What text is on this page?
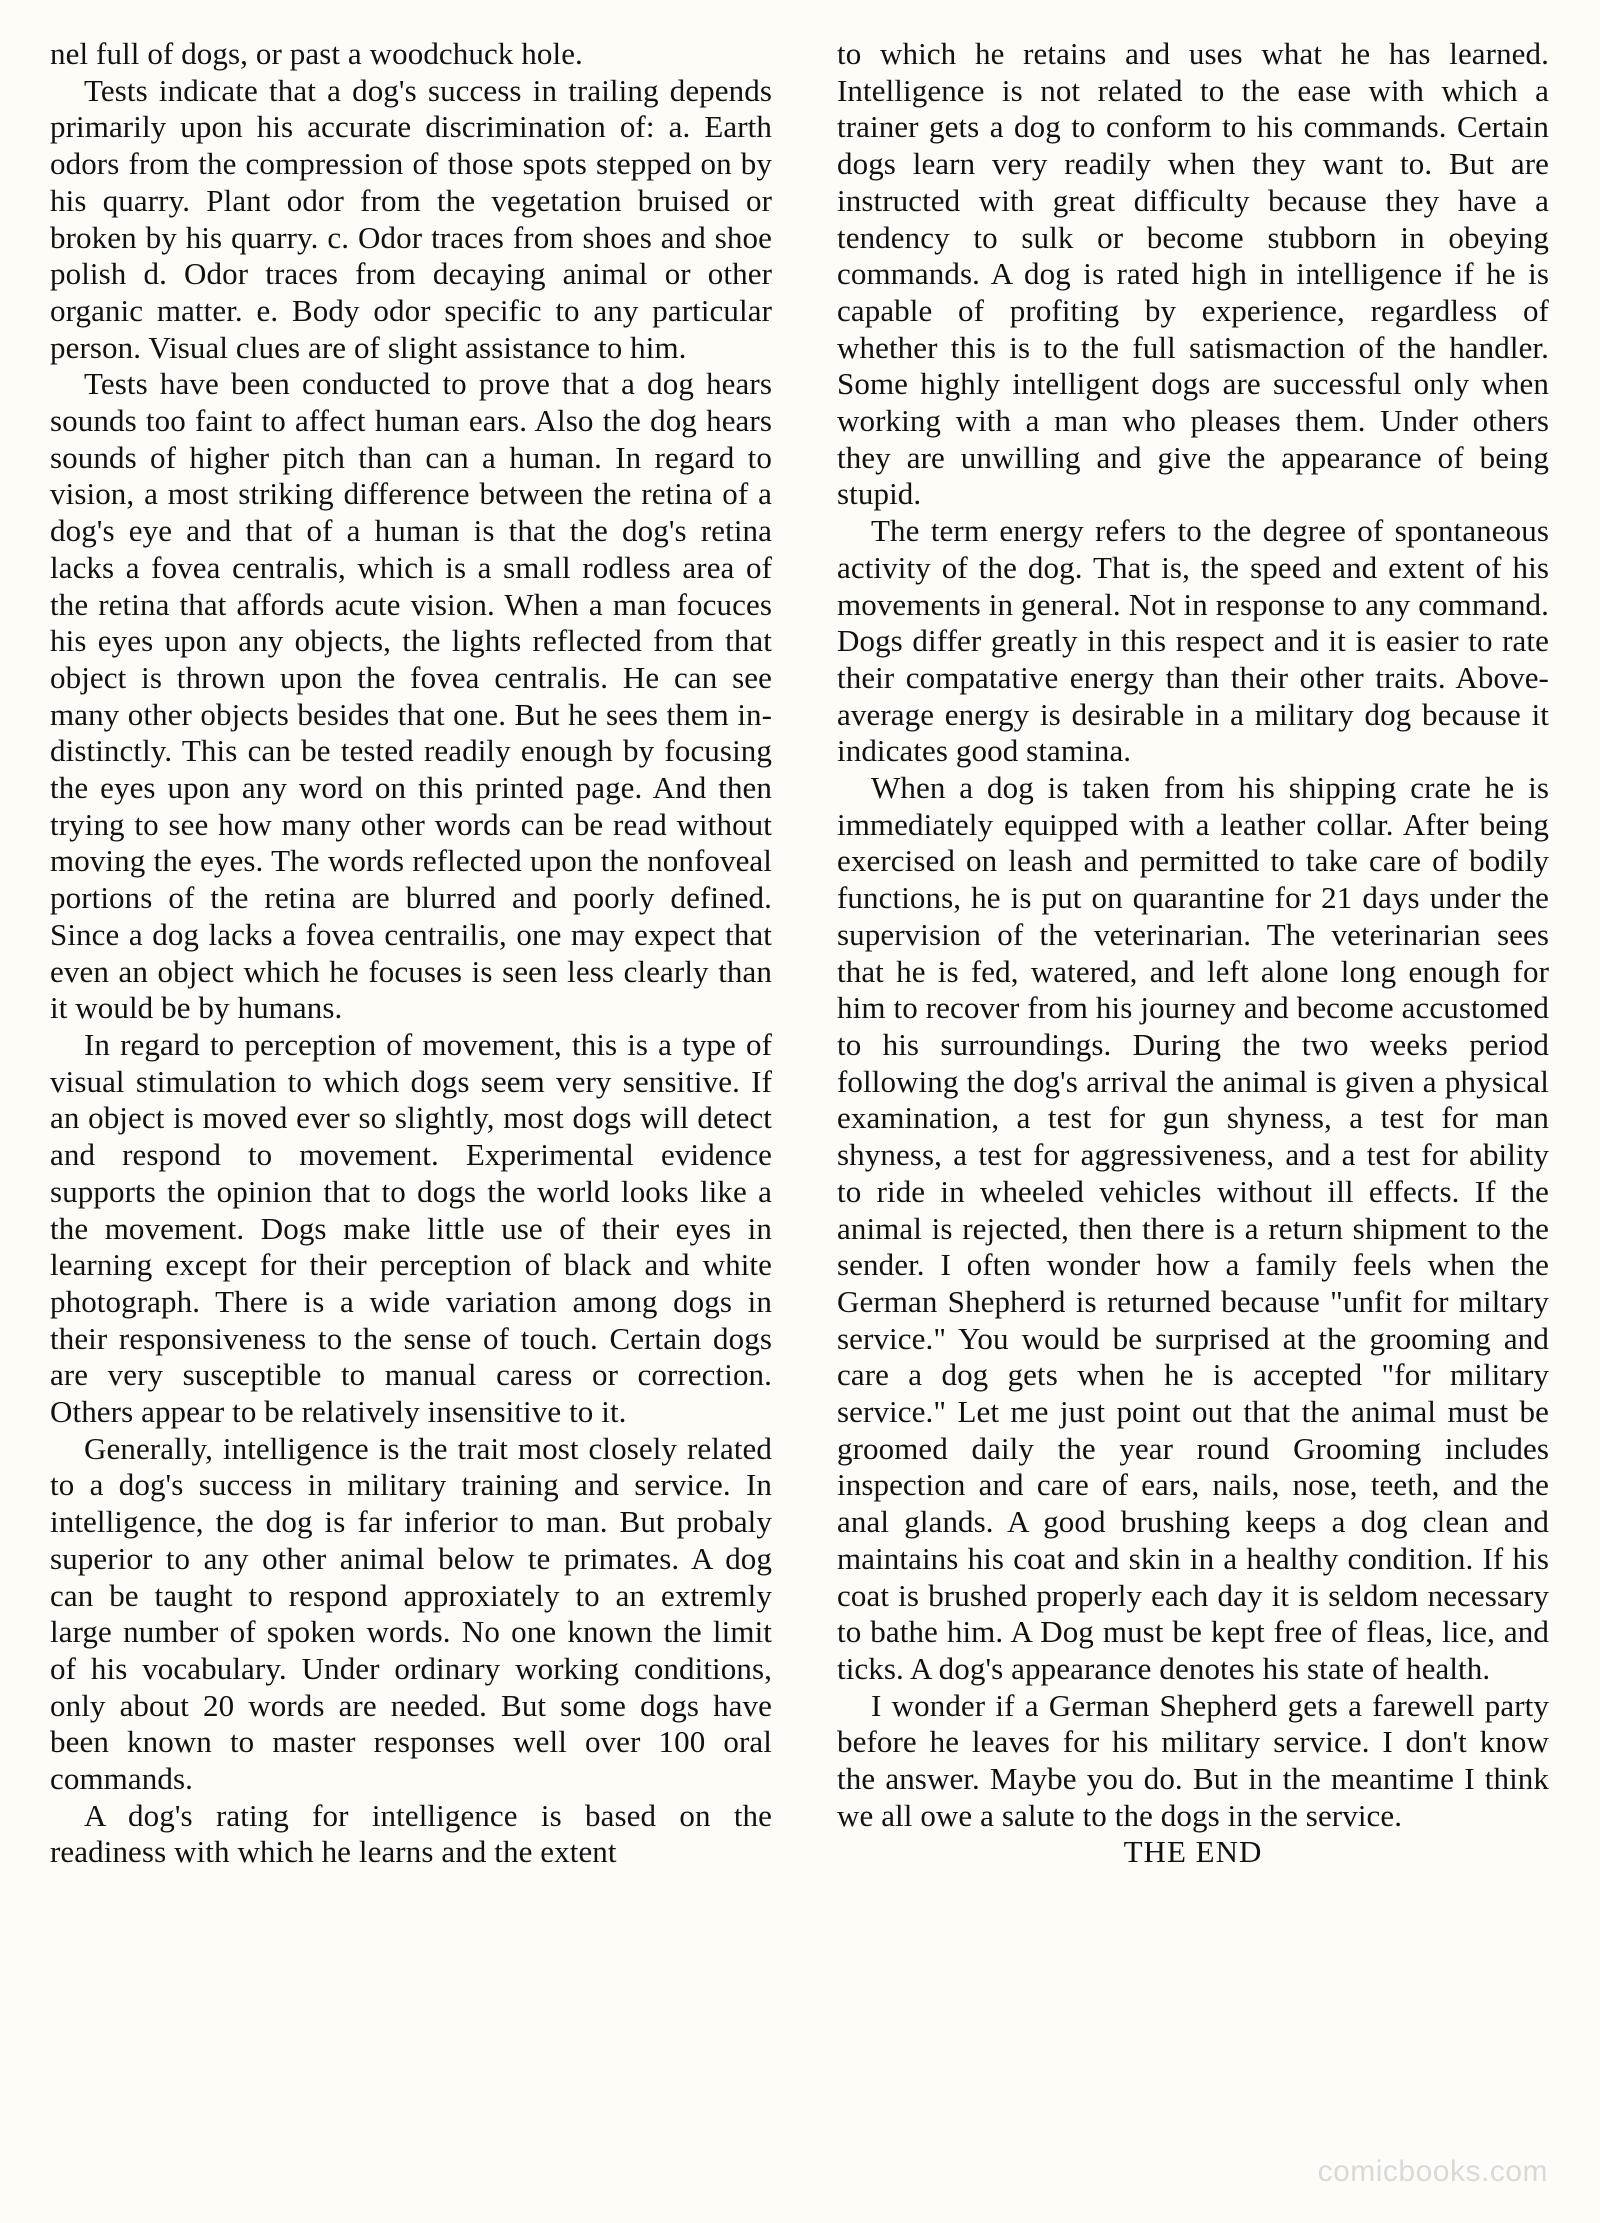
nel full of dogs, or past a woodchuck hole.

Tests indicate that a dog's success in trailing depends primarily upon his accurate discrimination of: a. Earth odors from the compression of those spots stepped on by his quarry. Plant odor from the vegetation bruised or broken by his quarry. c. Odor traces from shoes and shoe polish d. Odor traces from decaying animal or other organic matter. e. Body odor specific to any particular person. Visual clues are of slight assistance to him.

Tests have been conducted to prove that a dog hears sounds too faint to affect human ears. Also the dog hears sounds of higher pitch than can a human. In regard to vision, a most striking difference between the retina of a dog's eye and that of a human is that the dog's retina lacks a fovea centralis, which is a small rodless area of the retina that affords acute vision. When a man focuces his eyes upon any objects, the lights reflected from that object is thrown upon the fovea centralis. He can see many other objects besides that one. But he sees them indistinctly. This can be tested readily enough by focusing the eyes upon any word on this printed page. And then trying to see how many other words can be read without moving the eyes. The words reflected upon the nonfoveal portions of the retina are blurred and poorly defined. Since a dog lacks a fovea centrailis, one may expect that even an object which he focuses is seen less clearly than it would be by humans.

In regard to perception of movement, this is a type of visual stimulation to which dogs seem very sensitive. If an object is moved ever so slightly, most dogs will detect and respond to movement. Experimental evidence supports the opinion that to dogs the world looks like a the movement. Dogs make little use of their eyes in learning except for their perception of black and white photograph. There is a wide variation among dogs in their responsiveness to the sense of touch. Certain dogs are very susceptible to manual caress or correction. Others appear to be relatively insensitive to it.

Generally, intelligence is the trait most closely related to a dog's success in military training and service. In intelligence, the dog is far inferior to man. But probaly superior to any other animal below te primates. A dog can be taught to respond approxiately to an extremly large number of spoken words. No one known the limit of his vocabulary. Under ordinary working conditions, only about 20 words are needed. But some dogs have been known to master responses well over 100 oral commands.

A dog's rating for intelligence is based on the readiness with which he learns and the extent

to which he retains and uses what he has learned. Intelligence is not related to the ease with which a trainer gets a dog to conform to his commands. Certain dogs learn very readily when they want to. But are instructed with great difficulty because they have a tendency to sulk or become stubborn in obeying commands. A dog is rated high in intelligence if he is capable of profiting by experience, regardless of whether this is to the full satismaction of the handler. Some highly intelligent dogs are successful only when working with a man who pleases them. Under others they are unwilling and give the appearance of being stupid.

The term energy refers to the degree of spontaneous activity of the dog. That is, the speed and extent of his movements in general. Not in response to any command. Dogs differ greatly in this respect and it is easier to rate their compatative energy than their other traits. Above-average energy is desirable in a military dog because it indicates good stamina.

When a dog is taken from his shipping crate he is immediately equipped with a leather collar. After being exercised on leash and permitted to take care of bodily functions, he is put on quarantine for 21 days under the supervision of the veterinarian. The veterinarian sees that he is fed, watered, and left alone long enough for him to recover from his journey and become accustomed to his surroundings. During the two weeks period following the dog's arrival the animal is given a physical examination, a test for gun shyness, a test for man shyness, a test for aggressiveness, and a test for ability to ride in wheeled vehicles without ill effects. If the animal is rejected, then there is a return shipment to the sender. I often wonder how a family feels when the German Shepherd is returned because "unfit for miltary service." You would be surprised at the grooming and care a dog gets when he is accepted "for military service." Let me just point out that the animal must be groomed daily the year round Grooming includes inspection and care of ears, nails, nose, teeth, and the anal glands. A good brushing keeps a dog clean and maintains his coat and skin in a healthy condition. If his coat is brushed properly each day it is seldom necessary to bathe him. A Dog must be kept free of fleas, lice, and ticks. A dog's appearance denotes his state of health.

I wonder if a German Shepherd gets a farewell party before he leaves for his military service. I don't know the answer. Maybe you do. But in the meantime I think we all owe a salute to the dogs in the service.

THE END

comicbooks.com
